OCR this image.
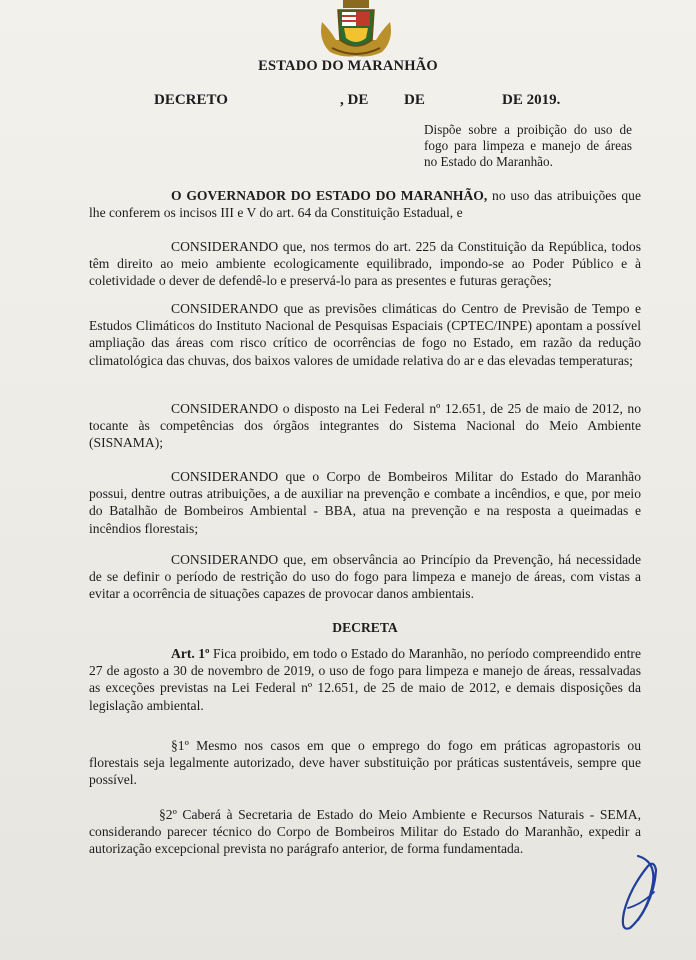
ESTADO DO MARANHÃO
DECRETO	, DE DE	DE 2019.
Dispõe sobre a proibição do uso de fogo para limpeza e manejo de áreas no Estado do Maranhão.
O GOVERNADOR DO ESTADO DO MARANHÃO, no uso das atribuições que lhe conferem os incisos III e V do art. 64 da Constituição Estadual, e
CONSIDERANDO que, nos termos do art. 225 da Constituição da República, todos têm direito ao meio ambiente ecologicamente equilibrado, impondo-se ao Poder Público e à coletividade o dever de defendê-lo e preservá-lo para as presentes e futuras gerações;
CONSIDERANDO que as previsões climáticas do Centro de Previsão de Tempo e Estudos Climáticos do Instituto Nacional de Pesquisas Espaciais (CPTEC/INPE) apontam a possível ampliação das áreas com risco crítico de ocorrências de fogo no Estado, em razão da redução climatológica das chuvas, dos baixos valores de umidade relativa do ar e das elevadas temperaturas;
CONSIDERANDO o disposto na Lei Federal nº 12.651, de 25 de maio de 2012, no tocante às competências dos órgãos integrantes do Sistema Nacional do Meio Ambiente (SISNAMA);
CONSIDERANDO que o Corpo de Bombeiros Militar do Estado do Maranhão possui, dentre outras atribuições, a de auxiliar na prevenção e combate a incêndios, e que, por meio do Batalhão de Bombeiros Ambiental - BBA, atua na prevenção e na resposta a queimadas e incêndios florestais;
CONSIDERANDO que, em observância ao Princípio da Prevenção, há necessidade de se definir o período de restrição do uso do fogo para limpeza e manejo de áreas, com vistas a evitar a ocorrência de situações capazes de provocar danos ambientais.
DECRETA
Art. 1º Fica proibido, em todo o Estado do Maranhão, no período compreendido entre 27 de agosto a 30 de novembro de 2019, o uso de fogo para limpeza e manejo de áreas, ressalvadas as exceções previstas na Lei Federal nº 12.651, de 25 de maio de 2012, e demais disposições da legislação ambiental.
§1º Mesmo nos casos em que o emprego do fogo em práticas agropastoris ou florestais seja legalmente autorizado, deve haver substituição por práticas sustentáveis, sempre que possível.
§2º Caberá à Secretaria de Estado do Meio Ambiente e Recursos Naturais - SEMA, considerando parecer técnico do Corpo de Bombeiros Militar do Estado do Maranhão, expedir a autorização excepcional prevista no parágrafo anterior, de forma fundamentada.
